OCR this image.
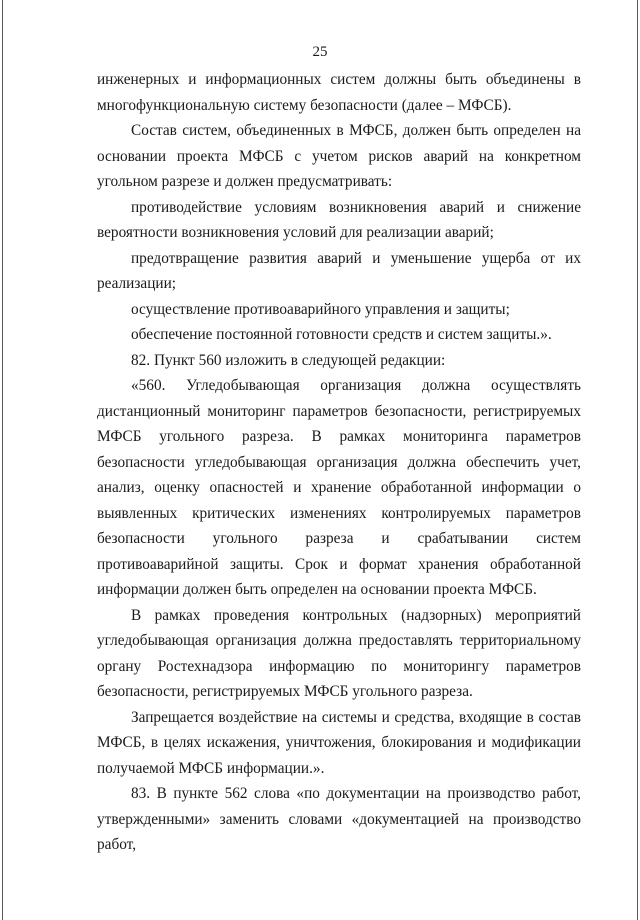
25

инженерных и информационных систем должны быть объединены в многофункциональную систему безопасности (далее – МФСБ).

Состав систем, объединенных в МФСБ, должен быть определен на основании проекта МФСБ с учетом рисков аварий на конкретном угольном разрезе и должен предусматривать:

противодействие условиям возникновения аварий и снижение вероятности возникновения условий для реализации аварий;

предотвращение развития аварий и уменьшение ущерба от их реализации;

осуществление противоаварийного управления и защиты;

обеспечение постоянной готовности средств и систем защиты.».

82. Пункт 560 изложить в следующей редакции:

«560. Угледобывающая организация должна осуществлять дистанционный мониторинг параметров безопасности, регистрируемых МФСБ угольного разреза. В рамках мониторинга параметров безопасности угледобывающая организация должна обеспечить учет, анализ, оценку опасностей и хранение обработанной информации о выявленных критических изменениях контролируемых параметров безопасности угольного разреза и срабатывании систем противоаварийной защиты. Срок и формат хранения обработанной информации должен быть определен на основании проекта МФСБ.

В рамках проведения контрольных (надзорных) мероприятий угледобывающая организация должна предоставлять территориальному органу Ростехнадзора информацию по мониторингу параметров безопасности, регистрируемых МФСБ угольного разреза.

Запрещается воздействие на системы и средства, входящие в состав МФСБ, в целях искажения, уничтожения, блокирования и модификации получаемой МФСБ информации.».

83. В пункте 562 слова «по документации на производство работ, утвержденными» заменить словами «документацией на производство работ,
